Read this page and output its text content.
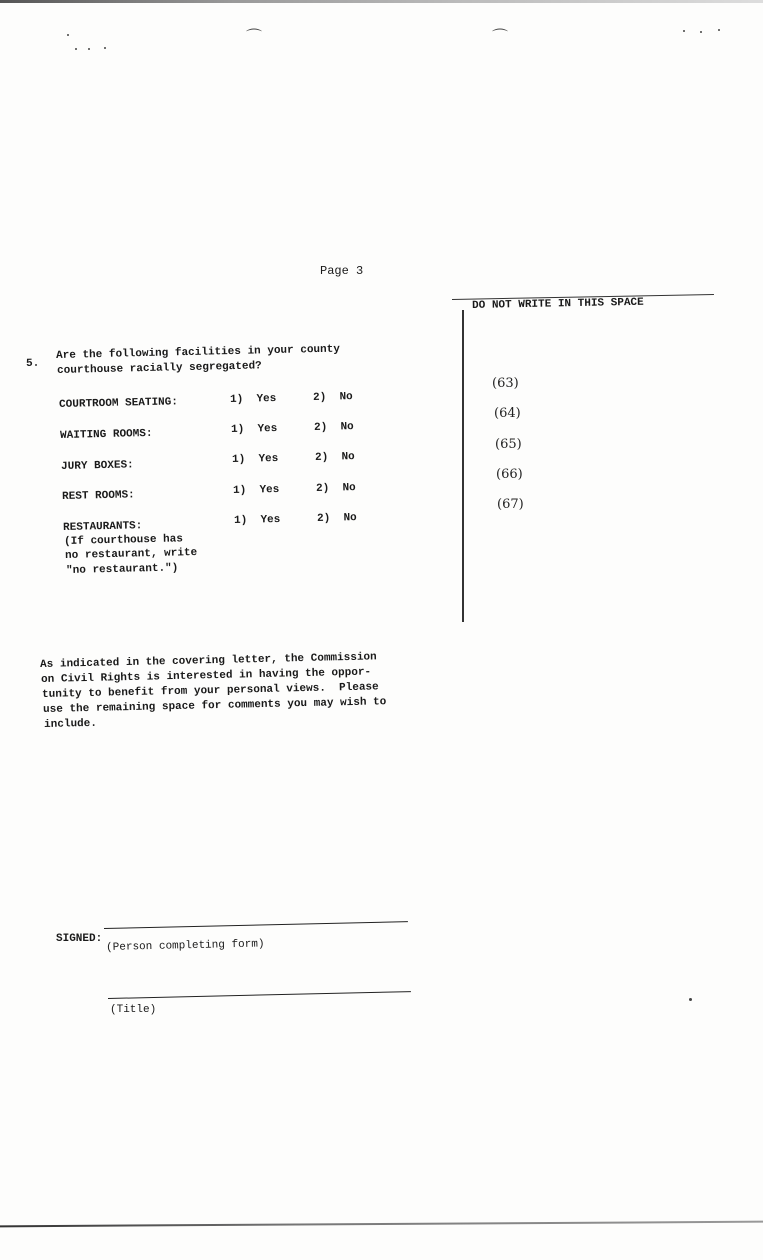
⌒	⌒
Page 3
DO NOT WRITE IN THIS SPACE
(63)
(64)
(65)
(66)
(67)
5.
Are the following facilities in your county
courthouse racially segregated?
COURTROOM SEATING:	1)  Yes	2)  No
WAITING ROOMS:	1)  Yes	2)  No
JURY BOXES:	1)  Yes	2)  No
REST ROOMS:	1)  Yes	2)  No
RESTAURANTS:	1)  Yes	2)  No
(If courthouse has
no restaurant, write
"no restaurant.")
As indicated in the covering letter, the Commission
on Civil Rights is interested in having the oppor-
tunity to benefit from your personal views.  Please
use the remaining space for comments you may wish to
include.
SIGNED: (Person completing form)
(Title)
